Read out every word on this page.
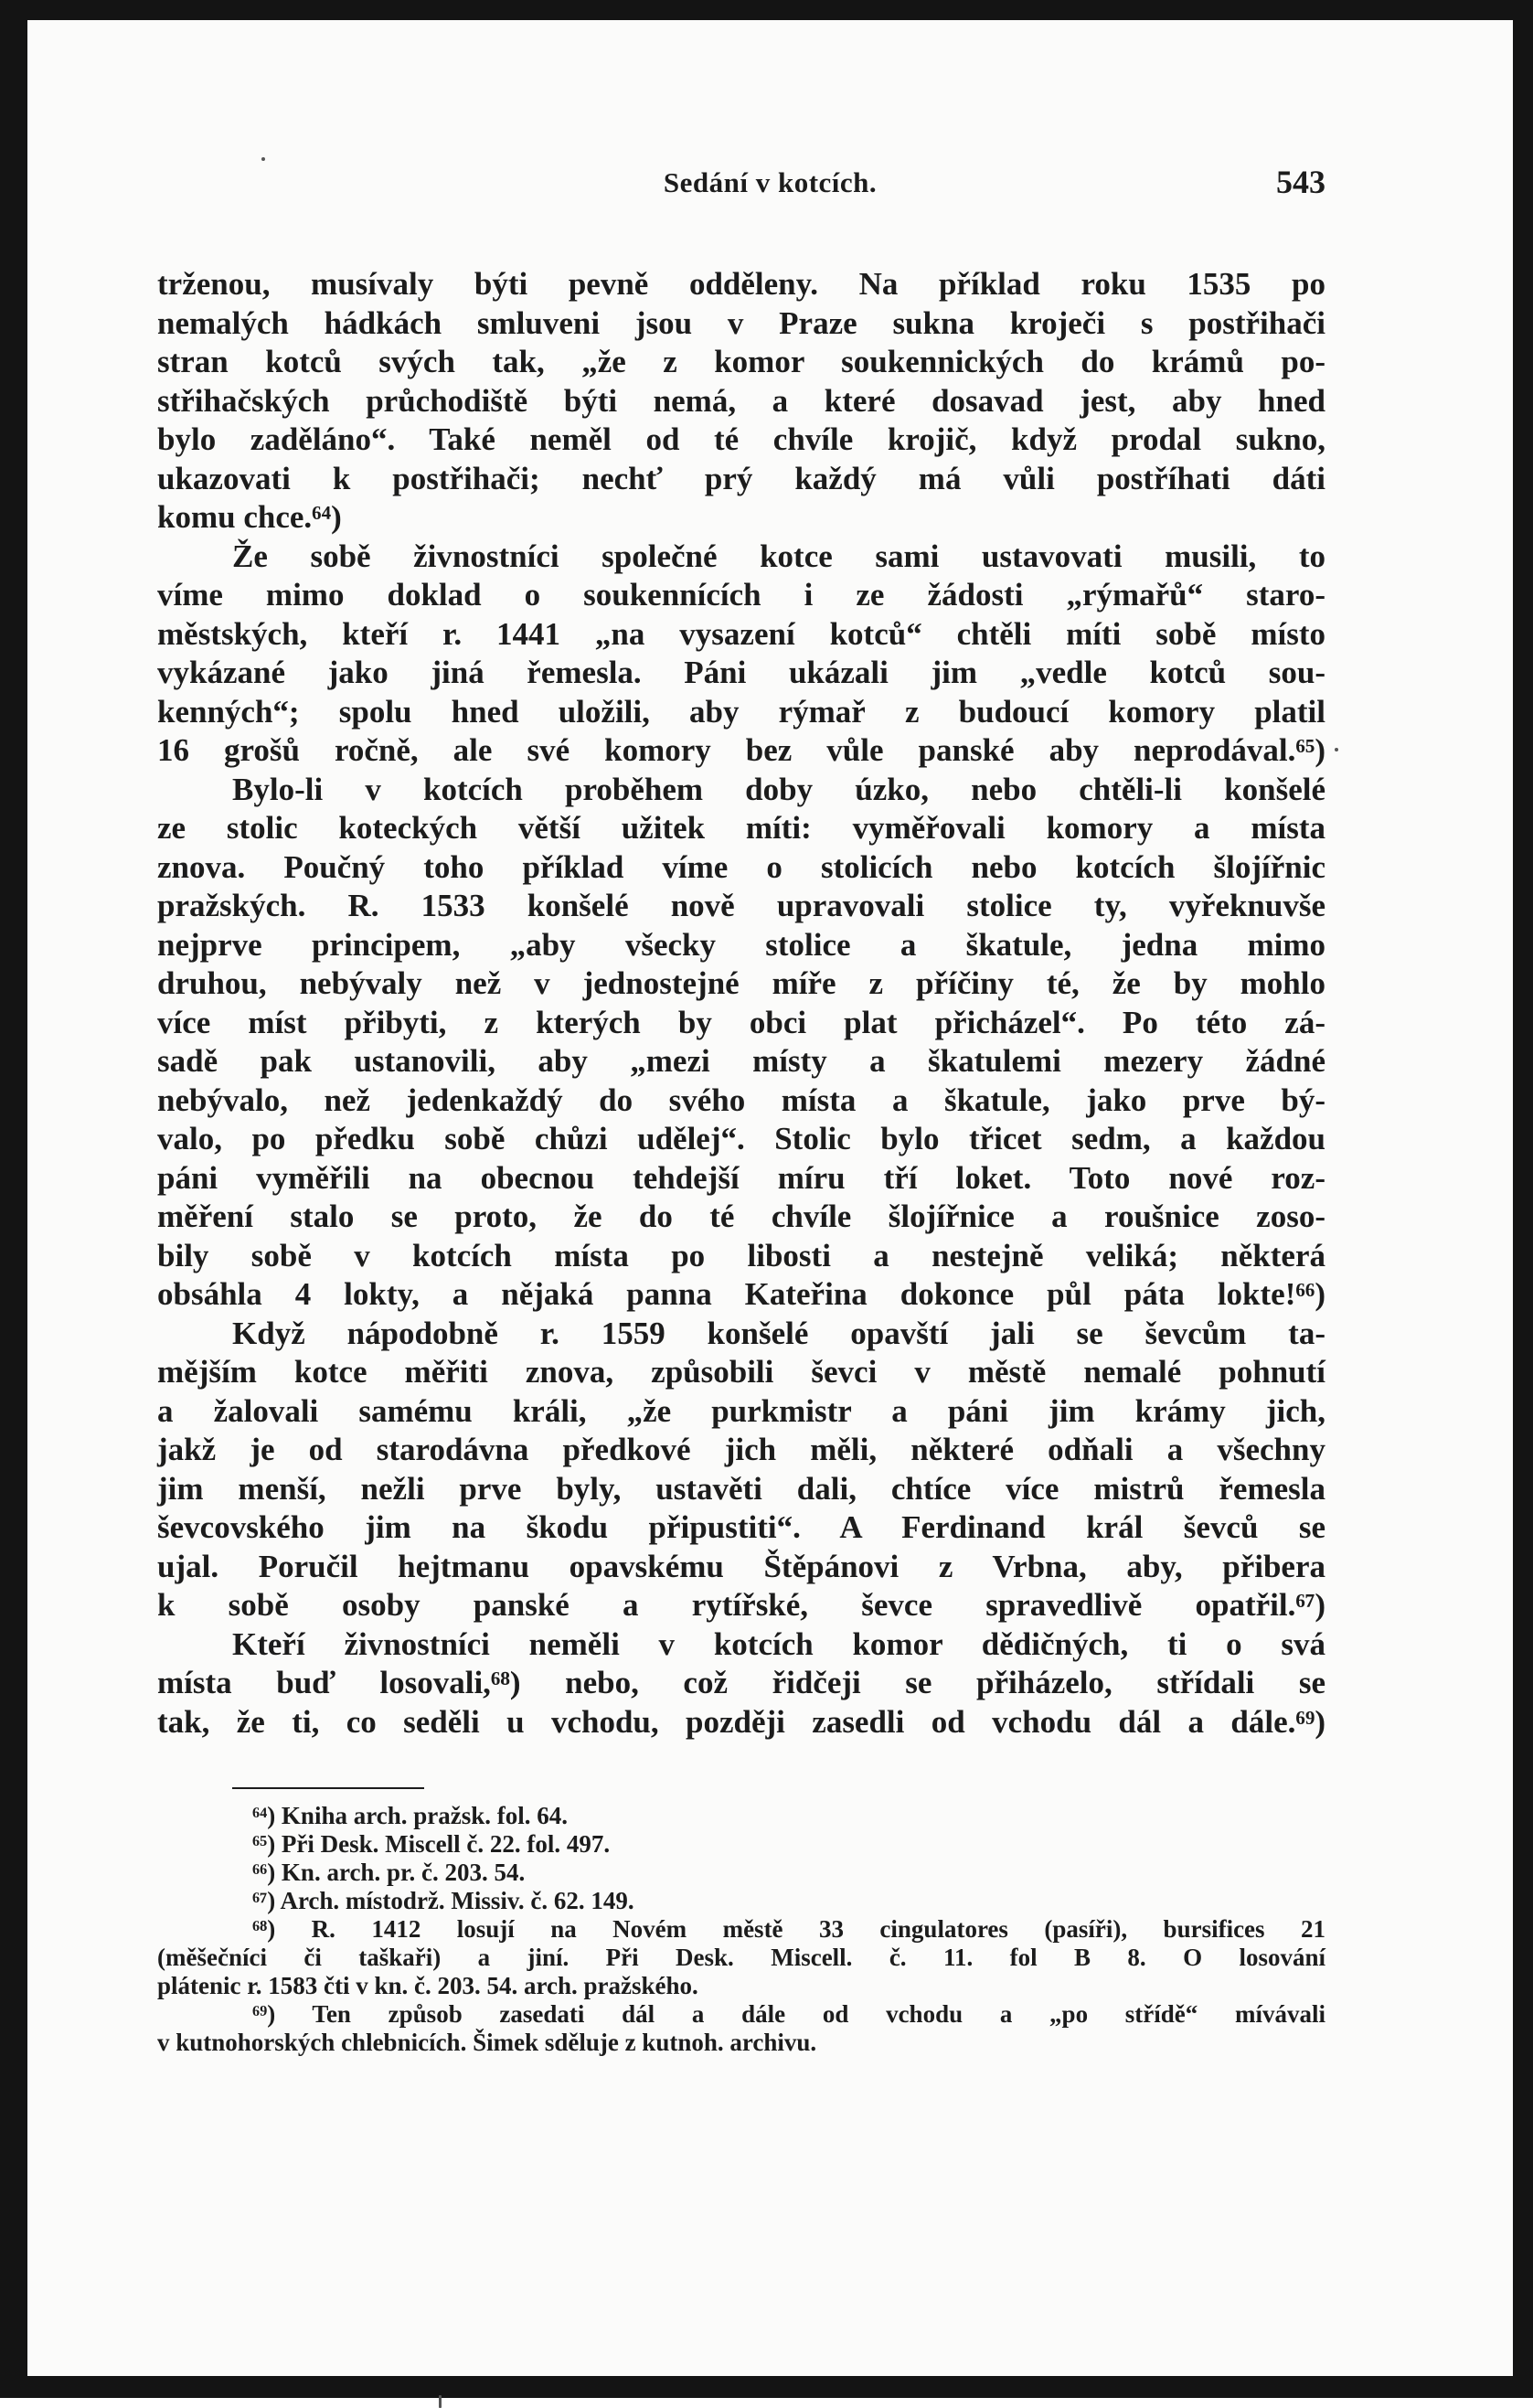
Sedání v kotcích.	543
trženou, musívaly býti pevně odděleny. Na příklad roku 1535 po
nemalých hádkách smluveni jsou v Praze sukna kroječi s postřihači
stran kotců svých tak, „že z komor soukennických do krámů po-
střihačských průchodiště býti nemá, a které dosavad jest, aby hned
bylo zaděláno“. Také neměl od té chvíle krojič, když prodal sukno,
ukazovati k postřihači; nechť prý každý má vůli postříhati dáti
komu chce.⁶⁴)
Že sobě živnostníci společné kotce sami ustavovati musili, to
víme mimo doklad o soukennících i ze žádosti „rýmařů“ staro-
městských, kteří r. 1441 „na vysazení kotců“ chtěli míti sobě místo
vykázané jako jiná řemesla. Páni ukázali jim „vedle kotců sou-
kenných“; spolu hned uložili, aby rýmař z budoucí komory platil
16 grošů ročně, ale své komory bez vůle panské aby neprodával.⁶⁵)
Bylo-li v kotcích proběhem doby úzko, nebo chtěli-li konšelé
ze stolic koteckých větší užitek míti: vyměřovali komory a místa
znova. Poučný toho příklad víme o stolicích nebo kotcích šlojířnic
pražských. R. 1533 konšelé nově upravovali stolice ty, vyřeknuvše
nejprve principem, „aby všecky stolice a škatule, jedna mimo
druhou, nebývaly než v jednostejné míře z příčiny té, že by mohlo
více míst přibyti, z kterých by obci plat přicházel“. Po této zá-
sadě pak ustanovili, aby „mezi místy a škatulemi mezery žádné
nebývalo, než jedenkaždý do svého místa a škatule, jako prve bý-
valo, po předku sobě chůzi udělej“. Stolic bylo třicet sedm, a každou
páni vyměřili na obecnou tehdejší míru tří loket. Toto nové roz-
měření stalo se proto, že do té chvíle šlojířnice a roušnice zoso-
bily sobě v kotcích místa po libosti a nestejně veliká; některá
obsáhla 4 lokty, a nějaká panna Kateřina dokonce půl páta lokte!⁶⁶)
Když nápodobně r. 1559 konšelé opavští jali se ševcům ta-
mějším kotce měřiti znova, způsobili ševci v městě nemalé pohnutí
a žalovali samému králi, „že purkmistr a páni jim krámy jich,
jakž je od starodávna předkové jich měli, některé odňali a všechny
jim menší, nežli prve byly, ustavěti dali, chtíce více mistrů řemesla
ševcovského jim na škodu připustiti“. A Ferdinand král ševců se
ujal. Poručil hejtmanu opavskému Štěpánovi z Vrbna, aby, přibera
k sobě osoby panské a rytířské, ševce spravedlivě opatřil.⁶⁷)
Kteří živnostníci neměli v kotcích komor dědičných, ti o svá
místa buď losovali,⁶⁸) nebo, což řidčeji se přiházelo, střídali se
tak, že ti, co seděli u vchodu, později zasedli od vchodu dál a dále.⁶⁹)
⁶⁴) Kniha arch. pražsk. fol. 64.
⁶⁵) Při Desk. Miscell č. 22. fol. 497.
⁶⁶) Kn. arch. pr. č. 203. 54.
⁶⁷) Arch. místodrž. Missiv. č. 62. 149.
⁶⁸) R. 1412 losují na Novém městě 33 cingulatores (pasíři), bursifices 21
(měšečníci či taškaři) a jiní. Při Desk. Miscell. č. 11. fol B 8. O losování
plátenic r. 1583 čti v kn. č. 203. 54. arch. pražského.
⁶⁹) Ten způsob zasedati dál a dále od vchodu a „po střídě“ mívávali
v kutnohorských chlebnicích. Šimek sděluje z kutnoh. archivu.
